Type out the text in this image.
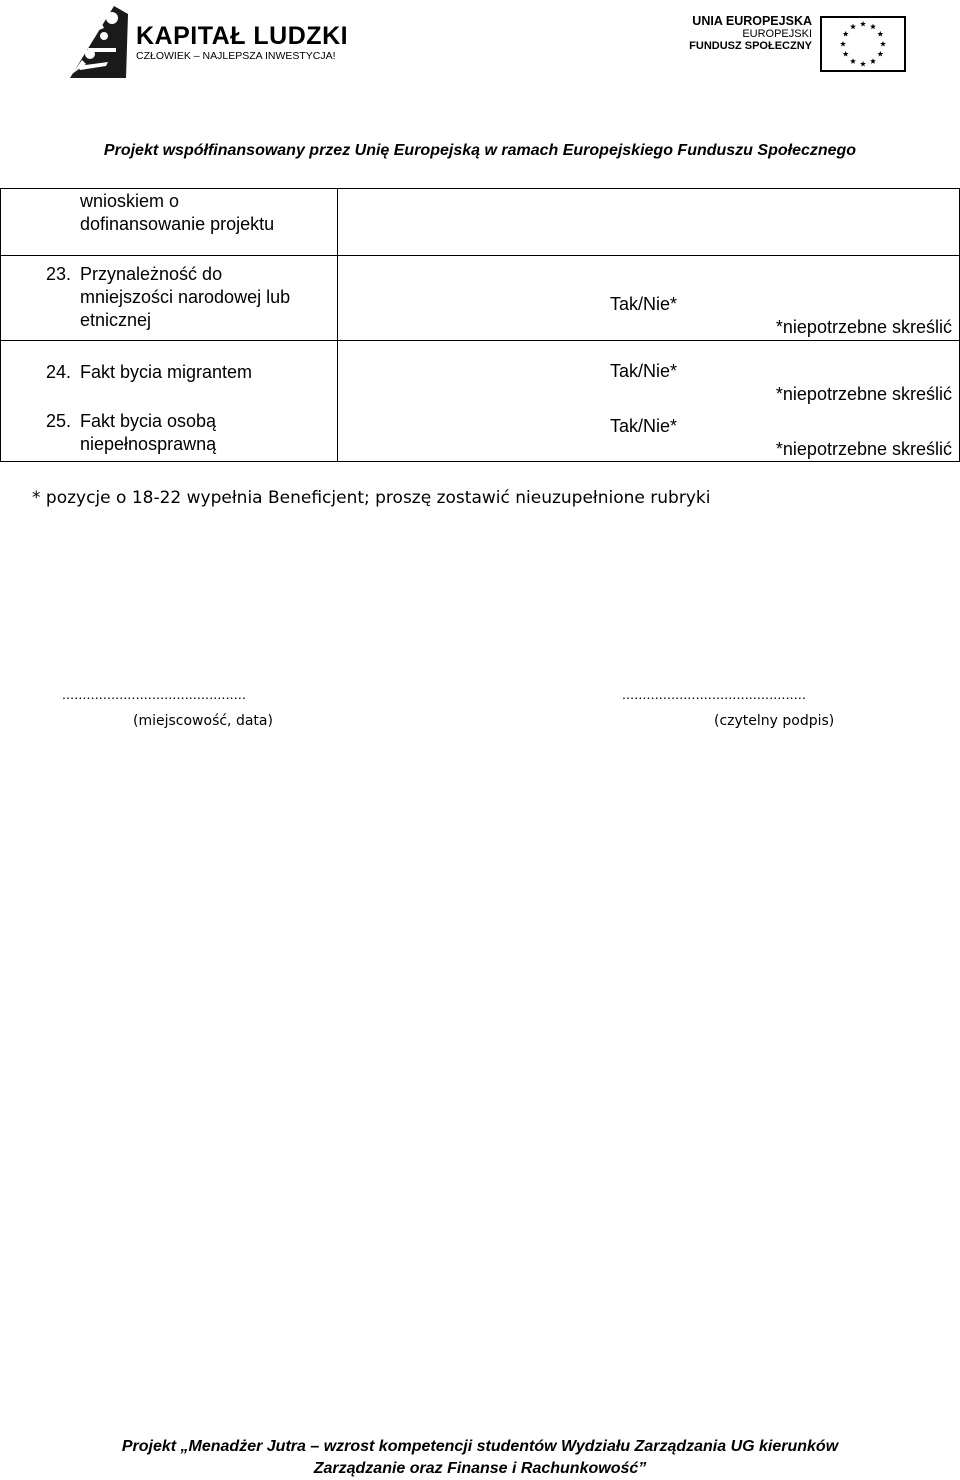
KAPITAŁ LUDZKI
CZŁOWIEK – NAJLEPSZA INWESTYCJA!
UNIA EUROPEJSKA
EUROPEJSKI
FUNDUSZ SPOŁECZNY
Projekt współfinansowany przez Unię Europejską w ramach Europejskiego Funduszu Społecznego
wnioskiem o
dofinansowanie projektu
23. Przynależność do
mniejszości narodowej lub
etnicznej
Tak/Nie*
*niepotrzebne skreślić
24. Fakt bycia migrantem	Tak/Nie*
*niepotrzebne skreślić
25. Fakt bycia osobą
niepełnosprawną
Tak/Nie*
*niepotrzebne skreślić
* pozycje o 18-22 wypełnia Beneficjent; proszę zostawić nieuzupełnione rubryki
.............................................
(miejscowość, data)
.............................................
(czytelny podpis)
Projekt „Menadżer Jutra – wzrost kompetencji studentów Wydziału Zarządzania UG kierunków
Zarządzanie oraz Finanse i Rachunkowość”
